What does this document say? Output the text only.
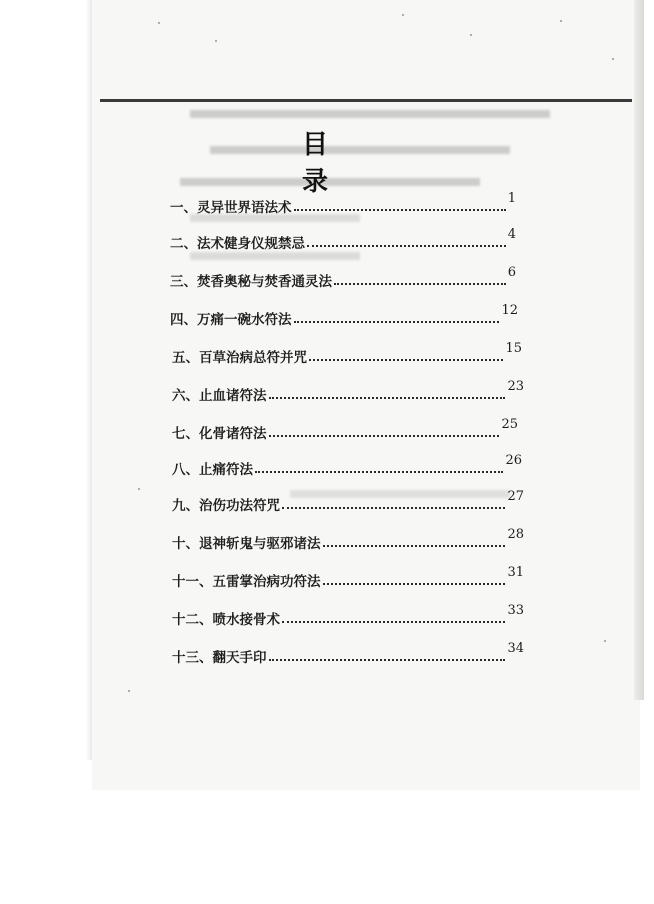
目 录
一、 灵异世界语法术
1
二、 法术健身仪规禁忌
4
三、 焚香奥秘与焚香通灵法
6
四、 万痛一碗水符法
12
五、 百草治病总符并咒
15
六、 止血诸符法
23
七、 化骨诸符法
25
八、 止痛符法
26
九、 治伤功法符咒
27
十、 退神斩鬼与驱邪诸法
28
十一、 五雷掌治病功符法
31
十二、 喷水接骨术
33
十三、 翻天手印
34
